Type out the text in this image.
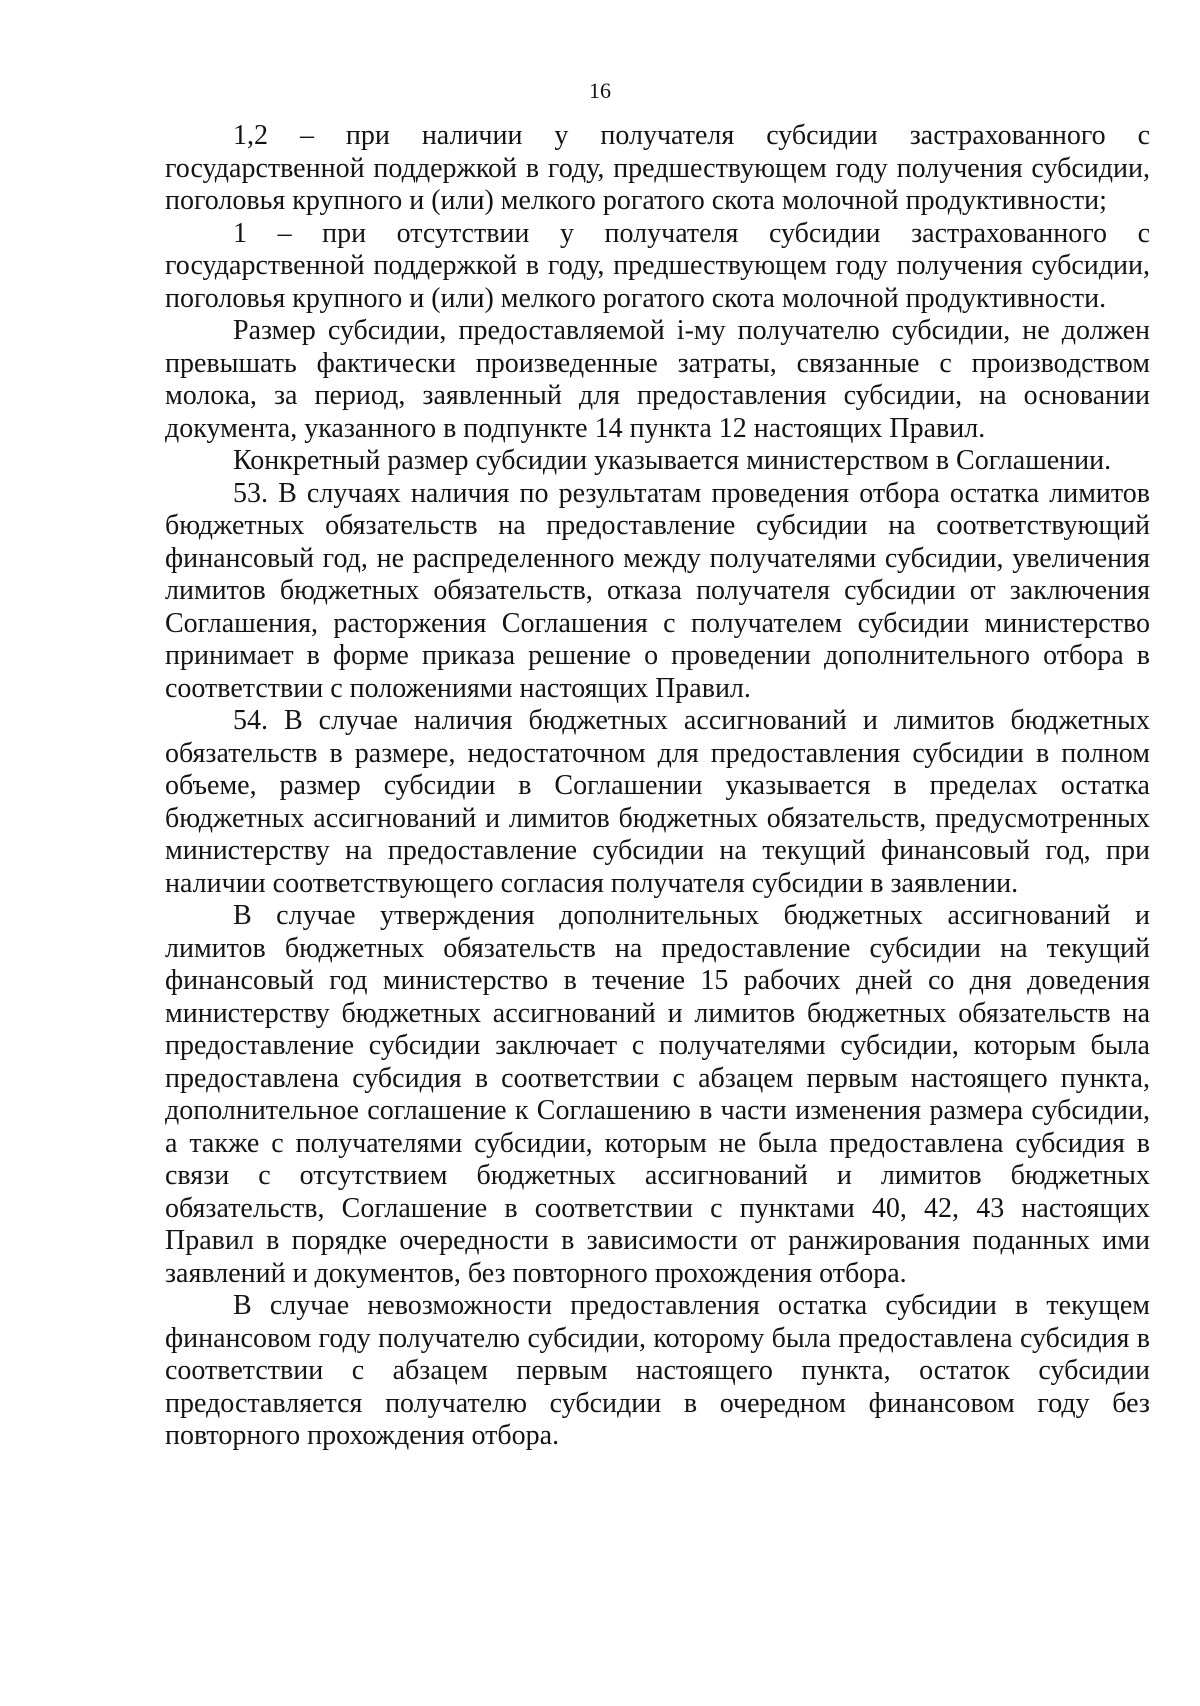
16

1,2 – при наличии у получателя субсидии застрахованного с государственной поддержкой в году, предшествующем году получения субсидии, поголовья крупного и (или) мелкого рогатого скота молочной продуктивности;

1 – при отсутствии у получателя субсидии застрахованного с государственной поддержкой в году, предшествующем году получения субсидии, поголовья крупного и (или) мелкого рогатого скота молочной продуктивности.

Размер субсидии, предоставляемой i-му получателю субсидии, не должен превышать фактически произведенные затраты, связанные с производством молока, за период, заявленный для предоставления субсидии, на основании документа, указанного в подпункте 14 пункта 12 настоящих Правил.

Конкретный размер субсидии указывается министерством в Соглашении.

53. В случаях наличия по результатам проведения отбора остатка лимитов бюджетных обязательств на предоставление субсидии на соответствующий финансовый год, не распределенного между получателями субсидии, увеличения лимитов бюджетных обязательств, отказа получателя субсидии от заключения Соглашения, расторжения Соглашения с получателем субсидии министерство принимает в форме приказа решение о проведении дополнительного отбора в соответствии с положениями настоящих Правил.

54. В случае наличия бюджетных ассигнований и лимитов бюджетных обязательств в размере, недостаточном для предоставления субсидии в полном объеме, размер субсидии в Соглашении указывается в пределах остатка бюджетных ассигнований и лимитов бюджетных обязательств, предусмотренных министерству на предоставление субсидии на текущий финансовый год, при наличии соответствующего согласия получателя субсидии в заявлении.

В случае утверждения дополнительных бюджетных ассигнований и лимитов бюджетных обязательств на предоставление субсидии на текущий финансовый год министерство в течение 15 рабочих дней со дня доведения министерству бюджетных ассигнований и лимитов бюджетных обязательств на предоставление субсидии заключает с получателями субсидии, которым была предоставлена субсидия в соответствии с абзацем первым настоящего пункта, дополнительное соглашение к Соглашению в части изменения размера субсидии, а также с получателями субсидии, которым не была предоставлена субсидия в связи с отсутствием бюджетных ассигнований и лимитов бюджетных обязательств, Соглашение в соответствии с пунктами 40, 42, 43 настоящих Правил в порядке очередности в зависимости от ранжирования поданных ими заявлений и документов, без повторного прохождения отбора.

В случае невозможности предоставления остатка субсидии в текущем финансовом году получателю субсидии, которому была предоставлена субсидия в соответствии с абзацем первым настоящего пункта, остаток субсидии предоставляется получателю субсидии в очередном финансовом году без повторного прохождения отбора.
